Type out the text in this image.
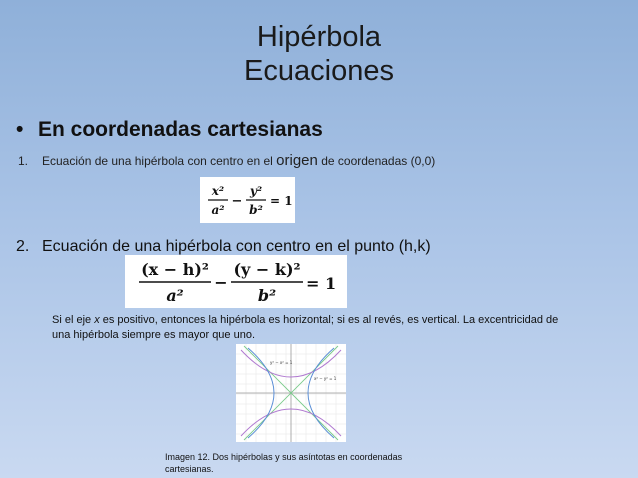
Hipérbola
Ecuaciones
• En coordenadas cartesianas
1. Ecuación de una hipérbola con centro en el origen de coordenadas (0,0)
x²
a²
−
y²
b²
= 1
2. Ecuación de una hipérbola con centro en el punto (h,k)
(x − h)²
a²
−
(y − k)²
b²
= 1
Si el eje x es positivo, entonces la hipérbola es horizontal; si es al revés, es vertical. La excentricidad de una hipérbola siempre es mayor que uno.
y² − x² = 1
x² − y² = 1
Imagen 12. Dos hipérbolas y sus asíntotas en coordenadas cartesianas.
